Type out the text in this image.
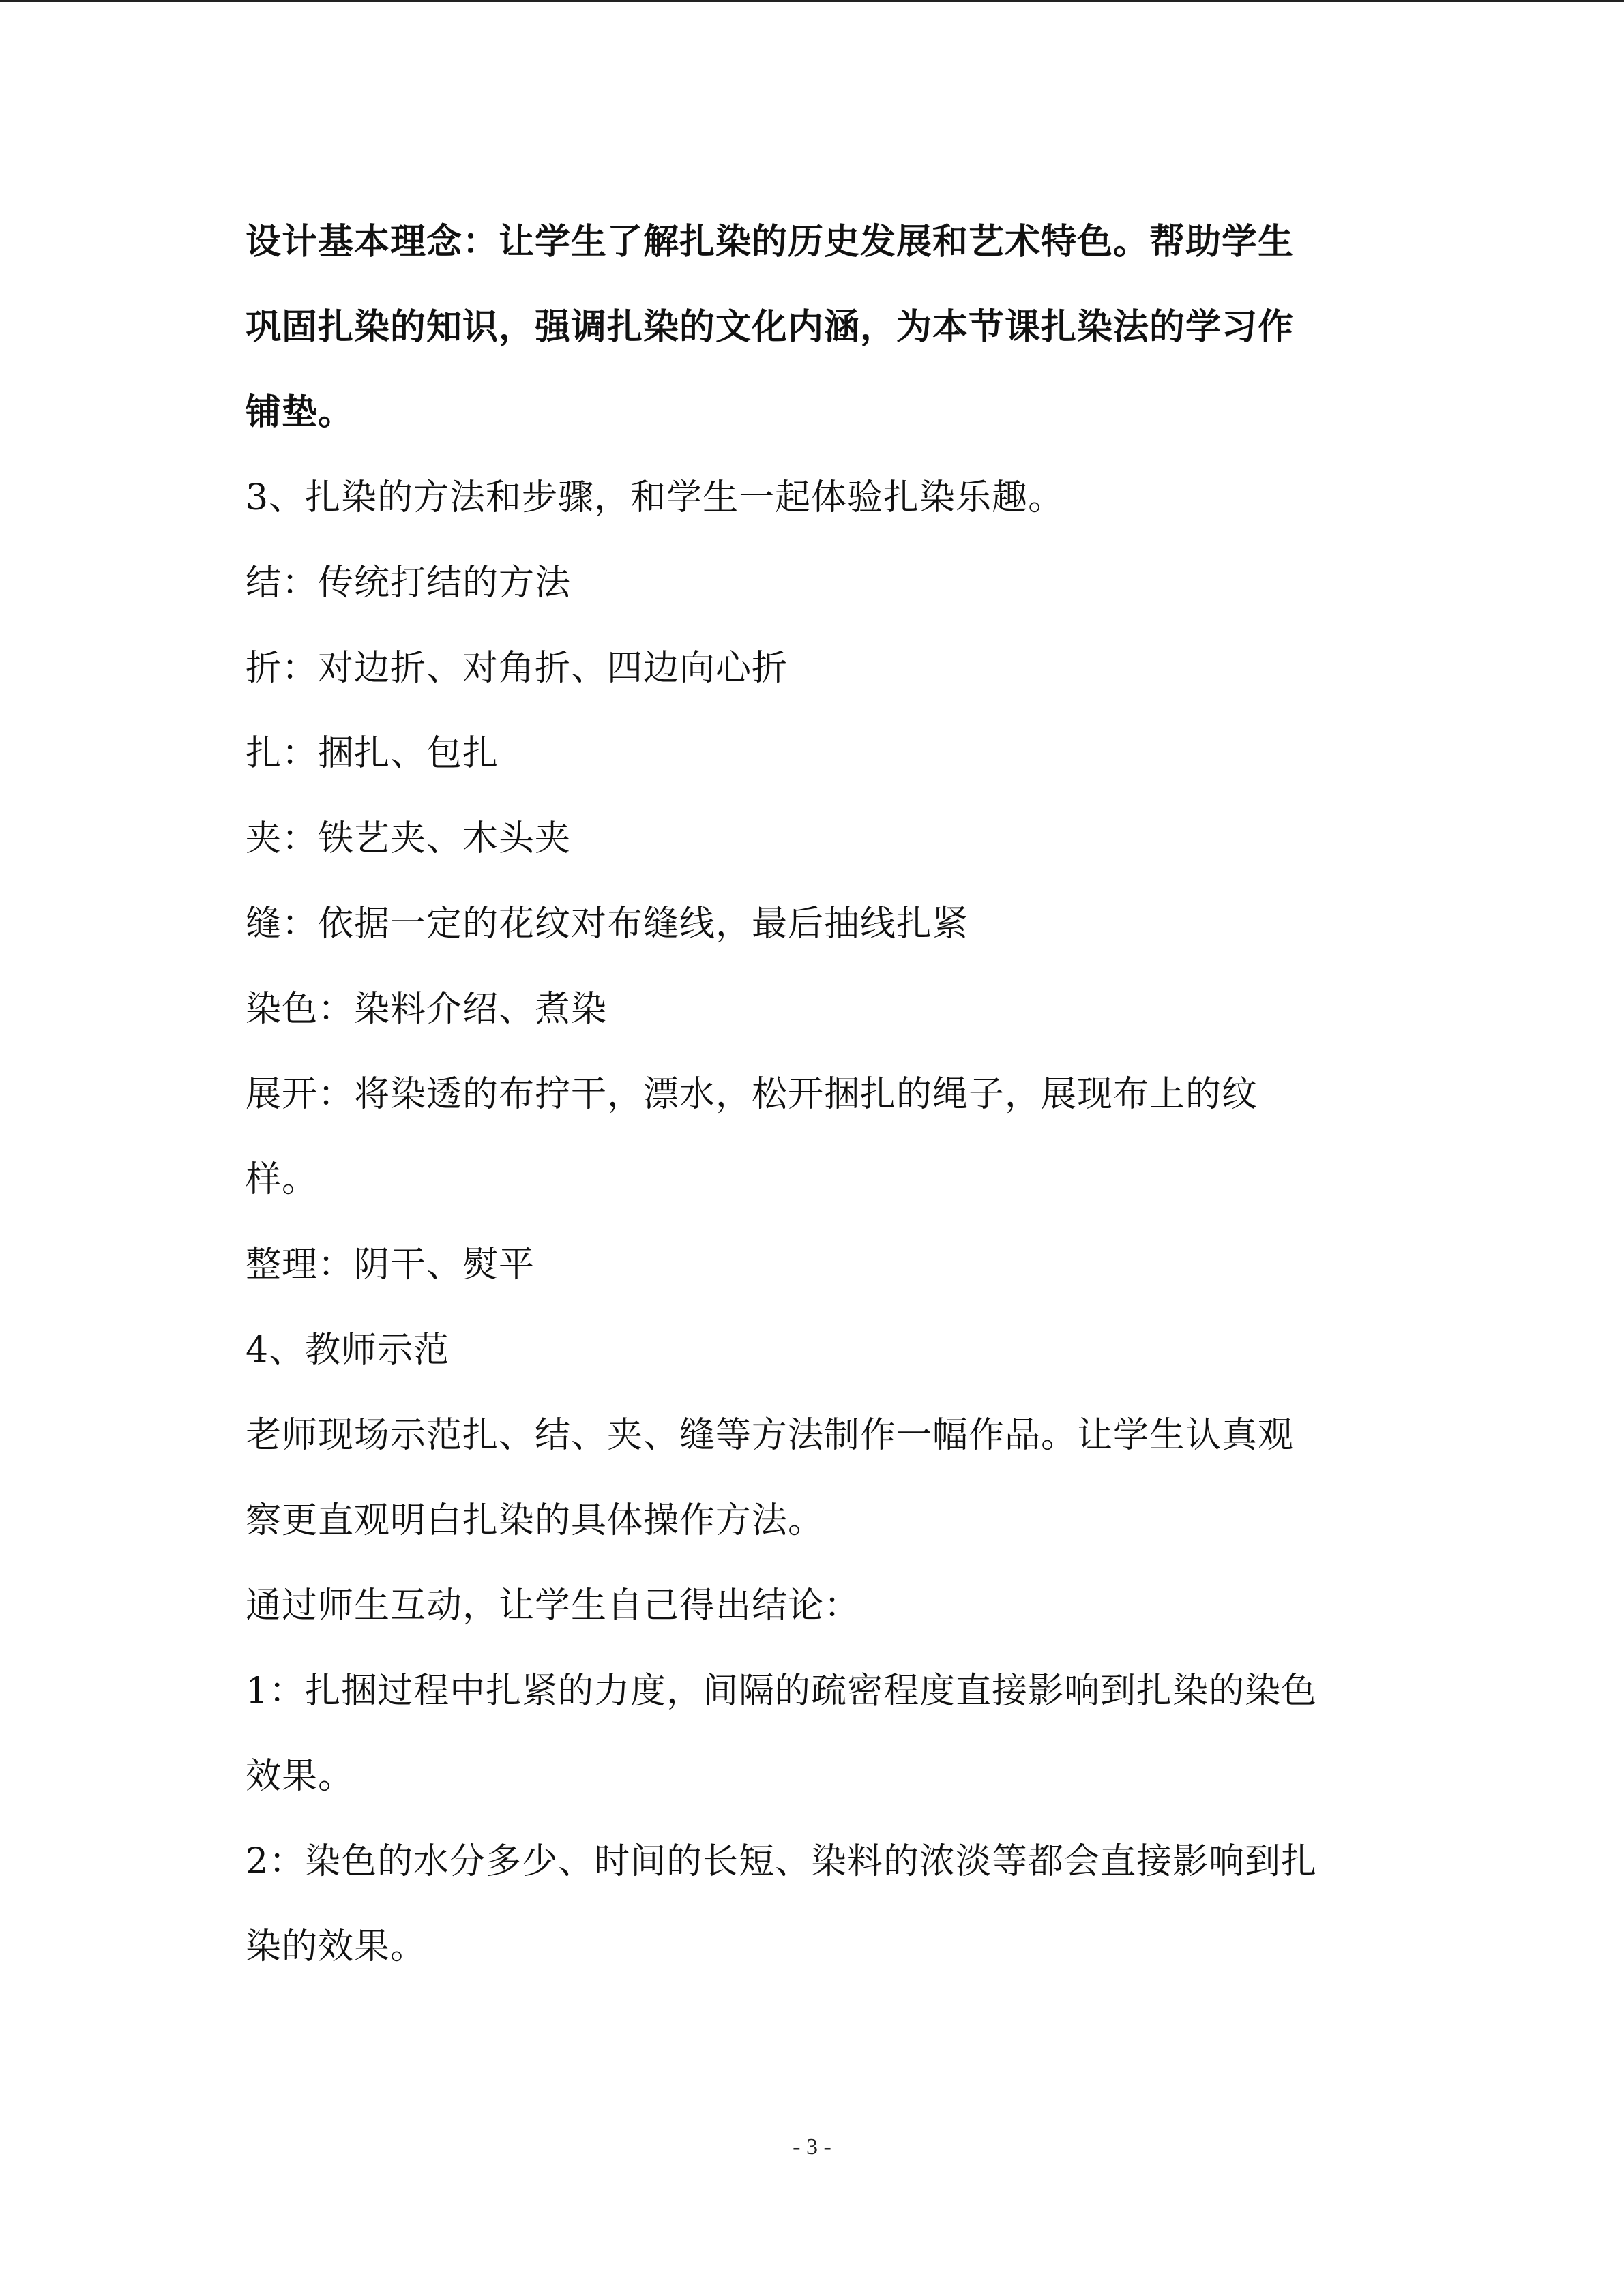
设计基本理念：让学生了解扎染的历史发展和艺术特色。帮助学生
巩固扎染的知识，强调扎染的文化内涵，为本节课扎染法的学习作
铺垫。
3、扎染的方法和步骤，和学生一起体验扎染乐趣。
结：传统打结的方法
折：对边折、对角折、四边向心折
扎：捆扎、包扎
夹：铁艺夹、木头夹
缝：依据一定的花纹对布缝线，最后抽线扎紧
染色：染料介绍、煮染
展开：将染透的布拧干，漂水，松开捆扎的绳子，展现布上的纹
样。
整理：阴干、熨平
4、教师示范
老师现场示范扎、结、夹、缝等方法制作一幅作品。让学生认真观
察更直观明白扎染的具体操作方法。
通过师生互动，让学生自己得出结论：
1：扎捆过程中扎紧的力度，间隔的疏密程度直接影响到扎染的染色
效果。
2：染色的水分多少、时间的长短、染料的浓淡等都会直接影响到扎
染的效果。
- 3 -
